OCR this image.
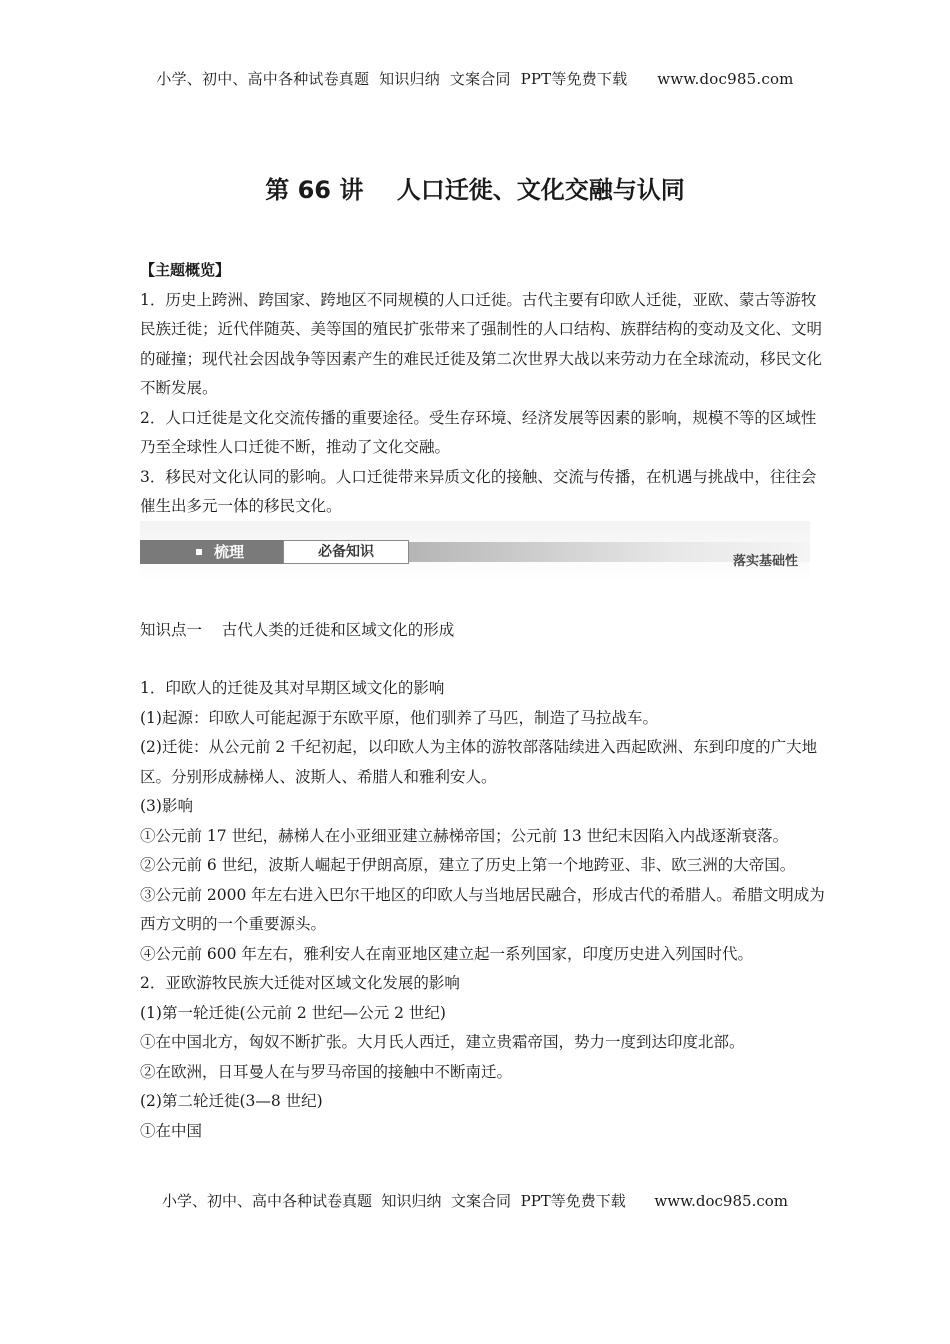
小学、初中、高中各种试卷真题  知识归纳  文案合同  PPT等免费下载      www.doc985.com
第 66 讲    人口迁徙、文化交融与认同

【主题概览】

1．历史上跨洲、跨国家、跨地区不同规模的人口迁徙。古代主要有印欧人迁徙，亚欧、蒙古等游牧民族迁徙；近代伴随英、美等国的殖民扩张带来了强制性的人口结构、族群结构的变动及文化、文明的碰撞；现代社会因战争等因素产生的难民迁徙及第二次世界大战以来劳动力在全球流动，移民文化不断发展。

2．人口迁徙是文化交流传播的重要途径。受生存环境、经济发展等因素的影响，规模不等的区域性乃至全球性人口迁徙不断，推动了文化交融。

3．移民对文化认同的影响。人口迁徙带来异质文化的接触、交流与传播，在机遇与挑战中，往往会催生出多元一体的移民文化。

梳理	必备知识
落实基础性

知识点一    古代人类的迁徙和区域文化的形成

1．印欧人的迁徙及其对早期区域文化的影响

(1)起源：印欧人可能起源于东欧平原，他们驯养了马匹，制造了马拉战车。

(2)迁徙：从公元前 2 千纪初起，以印欧人为主体的游牧部落陆续进入西起欧洲、东到印度的广大地区。分别形成赫梯人、波斯人、希腊人和雅利安人。

(3)影响

①公元前 17 世纪，赫梯人在小亚细亚建立赫梯帝国；公元前 13 世纪末因陷入内战逐渐衰落。

②公元前 6 世纪，波斯人崛起于伊朗高原，建立了历史上第一个地跨亚、非、欧三洲的大帝国。

③公元前 2000 年左右进入巴尔干地区的印欧人与当地居民融合，形成古代的希腊人。希腊文明成为西方文明的一个重要源头。

④公元前 600 年左右，雅利安人在南亚地区建立起一系列国家，印度历史进入列国时代。

2．亚欧游牧民族大迁徙对区域文化发展的影响

(1)第一轮迁徙(公元前 2 世纪—公元 2 世纪)

①在中国北方，匈奴不断扩张。大月氏人西迁，建立贵霜帝国，势力一度到达印度北部。

②在欧洲，日耳曼人在与罗马帝国的接触中不断南迁。

(2)第二轮迁徙(3—8 世纪)

①在中国

小学、初中、高中各种试卷真题  知识归纳  文案合同  PPT等免费下载      www.doc985.com
